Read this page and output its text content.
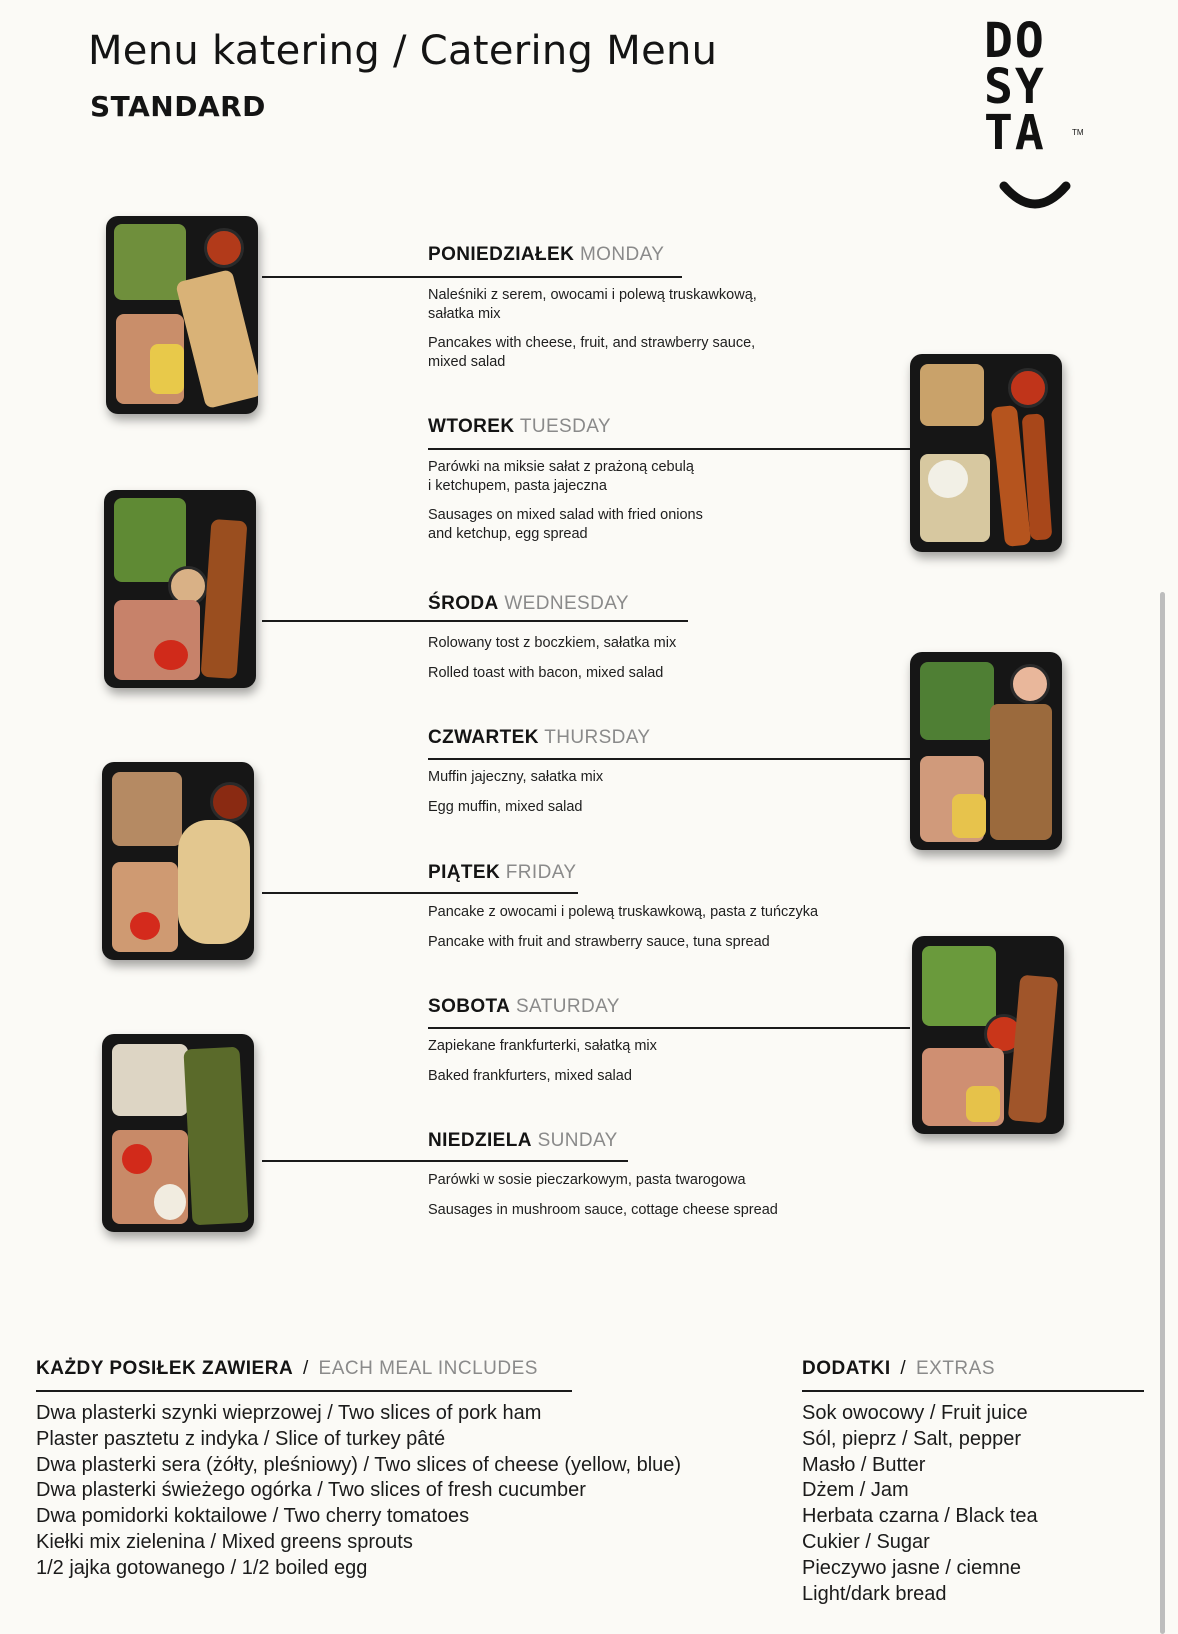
Menu katering / Catering Menu
STANDARD
DO
SY
TA	TM
PONIEDZIAŁEK MONDAY

Naleśniki z serem, owocami i polewą truskawkową,
sałatka mix

Pancakes with cheese, fruit, and strawberry sauce,
mixed salad

WTOREK TUESDAY

Parówki na miksie sałat z prażoną cebulą
i ketchupem, pasta jajeczna

Sausages on mixed salad with fried onions
and ketchup, egg spread

ŚRODA WEDNESDAY

Rolowany tost z boczkiem, sałatka mix

Rolled toast with bacon, mixed salad

CZWARTEK THURSDAY

Muffin jajeczny, sałatka mix

Egg muffin, mixed salad

PIĄTEK FRIDAY

Pancake z owocami i polewą truskawkową, pasta z tuńczyka

Pancake with fruit and strawberry sauce, tuna spread

SOBOTA SATURDAY

Zapiekane frankfurterki, sałatką mix

Baked frankfurters, mixed salad

NIEDZIELA SUNDAY

Parówki w sosie pieczarkowym, pasta twarogowa

Sausages in mushroom sauce, cottage cheese spread

KAŻDY POSIŁEK ZAWIERA / EACH MEAL INCLUDES
Dwa plasterki szynki wieprzowej / Two slices of pork ham
Plaster pasztetu z indyka / Slice of turkey pâté
Dwa plasterki sera (żółty, pleśniowy) / Two slices of cheese (yellow, blue)
Dwa plasterki świeżego ogórka / Two slices of fresh cucumber
Dwa pomidorki koktailowe / Two cherry tomatoes
Kiełki mix zielenina / Mixed greens sprouts
1/2 jajka gotowanego / 1/2 boiled egg
DODATKI / EXTRAS
Sok owocowy / Fruit juice
Sól, pieprz / Salt, pepper
Masło / Butter
Dżem / Jam
Herbata czarna / Black tea
Cukier / Sugar
Pieczywo jasne / ciemne
Light/dark bread
